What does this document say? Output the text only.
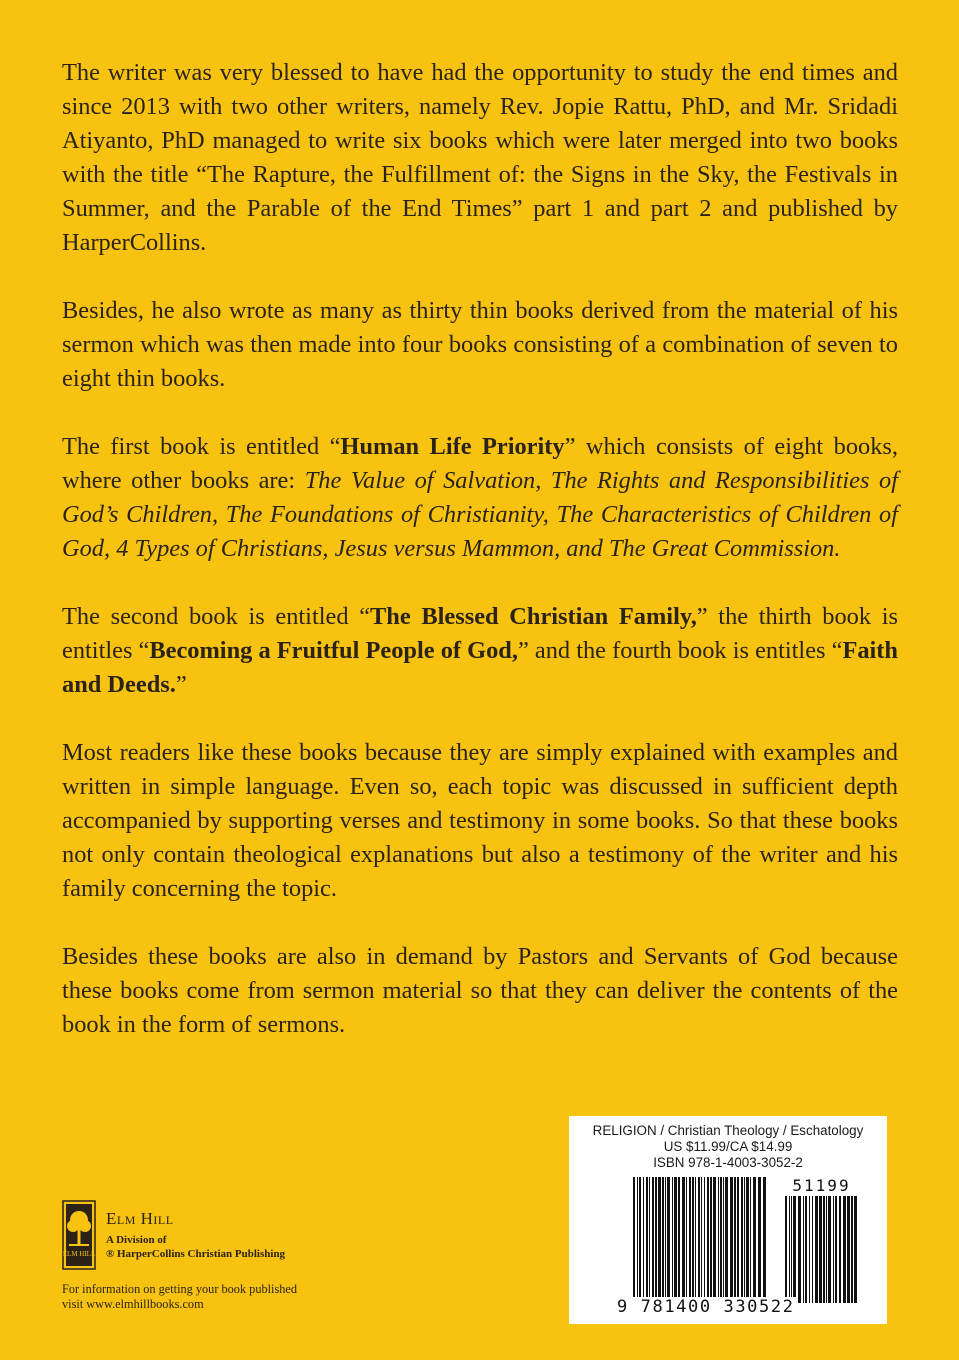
The writer was very blessed to have had the opportunity to study the end times and since 2013 with two other writers, namely Rev. Jopie Rattu, PhD, and Mr. Sridadi Atiyanto, PhD managed to write six books which were later merged into two books with the title “The Rapture, the Fulfillment of: the Signs in the Sky, the Festivals in Summer, and the Parable of the End Times” part 1 and part 2 and published by HarperCollins.

Besides, he also wrote as many as thirty thin books derived from the material of his sermon which was then made into four books consisting of a combination of seven to eight thin books.

The first book is entitled “Human Life Priority” which consists of eight books, where other books are: The Value of Salvation, The Rights and Responsibilities of God’s Children, The Foundations of Christianity, The Characteristics of Children of God, 4 Types of Christians, Jesus versus Mammon, and The Great Commission.

The second book is entitled “The Blessed Christian Family,” the thirth book is entitles “Becoming a Fruitful People of God,” and the fourth book is entitles “Faith and Deeds.”

Most readers like these books because they are simply explained with examples and written in simple language. Even so, each topic was discussed in sufficient depth accompanied by supporting verses and testimony in some books. So that these books not only contain theological explanations but also a testimony of the writer and his family concerning the topic.

Besides these books are also in demand by Pastors and Servants of God because these books come from sermon material so that they can deliver the contents of the book in the form of sermons.

RELIGION / Christian Theology / Eschatology
US $11.99/CA $14.99
ISBN 978-1-4003-3052-2
51199
9 781400 330522
ELM HILL
Elm Hill
A Division of
® HarperCollins Christian Publishing
For information on getting your book published
visit www.elmhillbooks.com
